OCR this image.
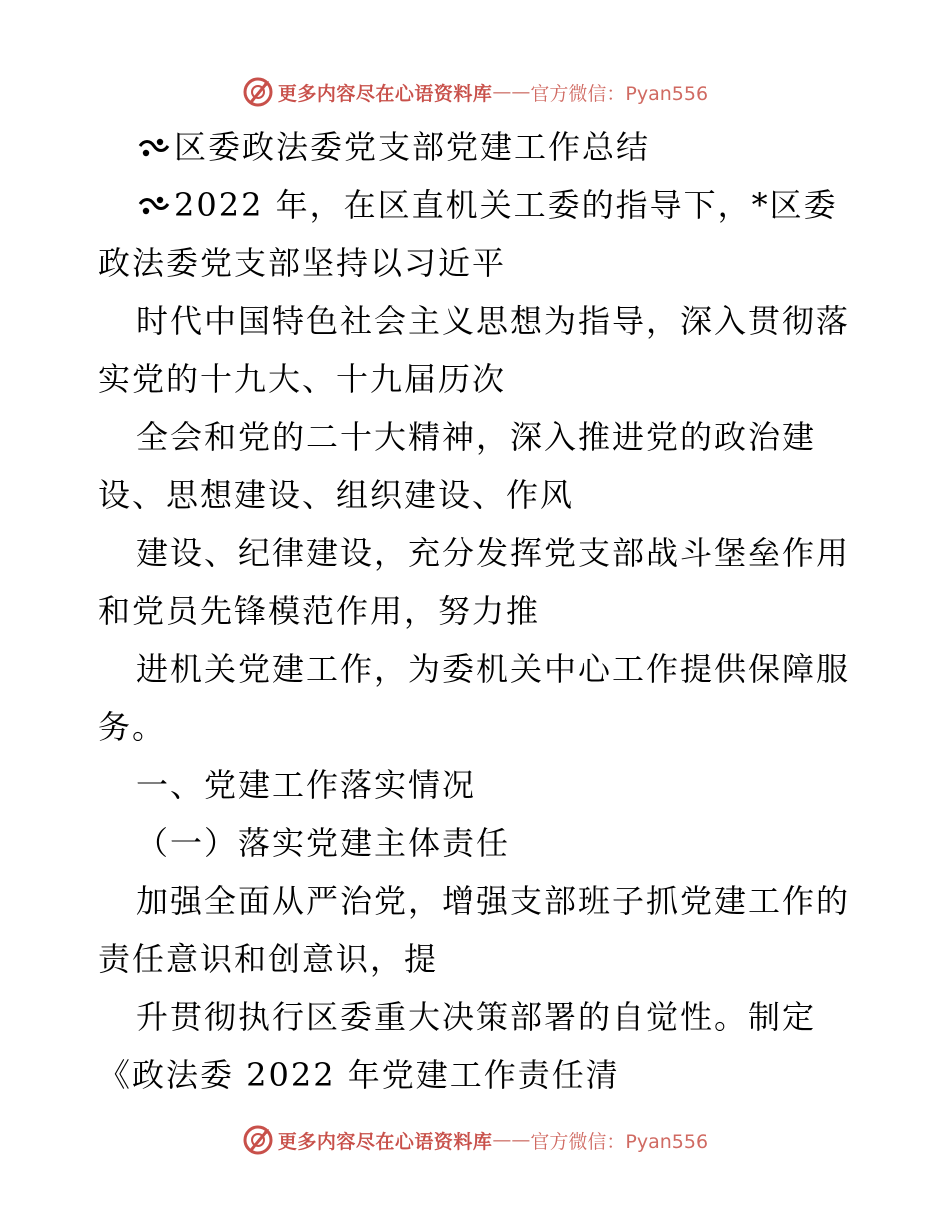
更多内容尽在心语资料库 —— 官方微信：Pyan556
区委政法委党支部党建工作总结
2022 年，在区直机关工委的指导下，*区委
政法委党支部坚持以习近平
时代中国特色社会主义思想为指导，深入贯彻落
实党的十九大、十九届历次
全会和党的二十大精神，深入推进党的政治建
设、思想建设、组织建设、作风
建设、纪律建设，充分发挥党支部战斗堡垒作用
和党员先锋模范作用，努力推
进机关党建工作，为委机关中心工作提供保障服
务。
一、党建工作落实情况
（一）落实党建主体责任
加强全面从严治党，增强支部班子抓党建工作的
责任意识和创意识，提
升贯彻执行区委重大决策部署的自觉性。制定
《政法委 2022 年党建工作责任清
更多内容尽在心语资料库 —— 官方微信：Pyan556
